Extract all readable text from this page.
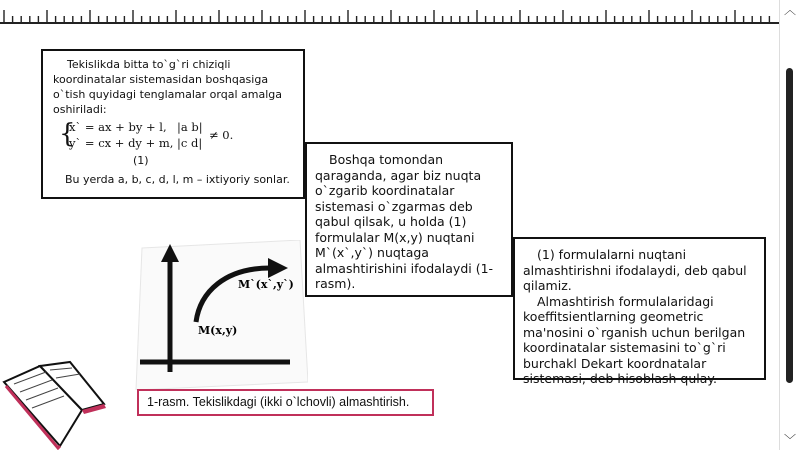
︿
﹀
Tekislikda bitta to`g`ri chiziqli koordinatalar sistemasidan boshqasiga o`tish quyidagi tenglamalar orqal amalga oshiriladi:
{
x` = ax + by + l,
y` = cx + dy + m,
|a b|
|c d|
≠ 0.
(1)
Bu yerda a, b, c, d, l, m – ixtiyoriy sonlar.
Boshqa tomondan qaraganda, agar biz nuqta o`zgarib koordinatalar sistemasi o`zgarmas deb qabul qilsak, u holda (1) formulalar M(x,y) nuqtani M`(x`,y`) nuqtaga almashtirishini ifodalaydi (1-rasm).
(1) formulalarni nuqtani almashtirishni ifodalaydi, deb qabul qilamiz.
Almashtirish formulalaridagi koeffitsientlarning geometric ma'nosini o`rganish uchun berilgan koordinatalar sistemasini to`g`ri burchakl Dekart koordnatalar sistemasi, deb hisoblash qulay.
M(x,y)
M`(x`,y`)
1-rasm. Tekislikdagi (ikki o`lchovli) almashtirish.
